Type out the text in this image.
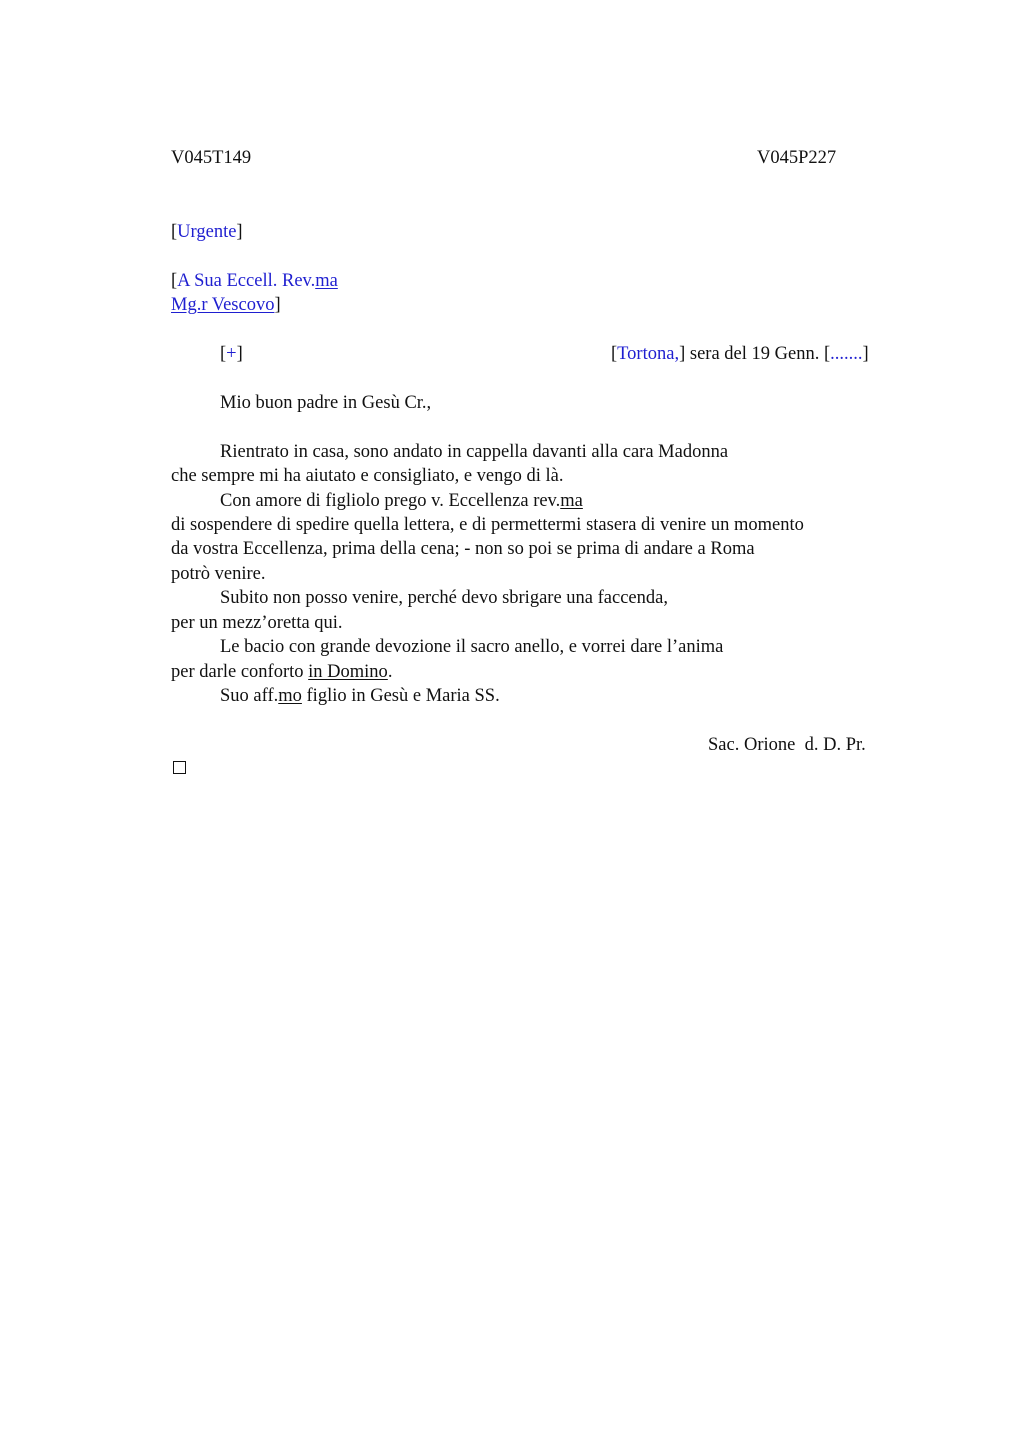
V045T149	V045P227
[Urgente]
[A Sua Eccell. Rev.ma
Mg.r Vescovo]
[+]	[Tortona,] sera del 19 Genn. [.......]
Mio buon padre in Gesù Cr.,
Rientrato in casa, sono andato in cappella davanti alla cara Madonna
che sempre mi ha aiutato e consigliato, e vengo di là.
Con amore di figliolo prego v. Eccellenza rev.ma
di sospendere di spedire quella lettera, e di permettermi stasera di venire un momento
da vostra Eccellenza, prima della cena; - non so poi se prima di andare a Roma
potrò venire.
Subito non posso venire, perché devo sbrigare una faccenda,
per un mezz’oretta qui.
Le bacio con grande devozione il sacro anello, e vorrei dare l’anima
per darle conforto in Domino.
Suo aff.mo figlio in Gesù e Maria SS.
Sac. Orione  d. D. Pr.
